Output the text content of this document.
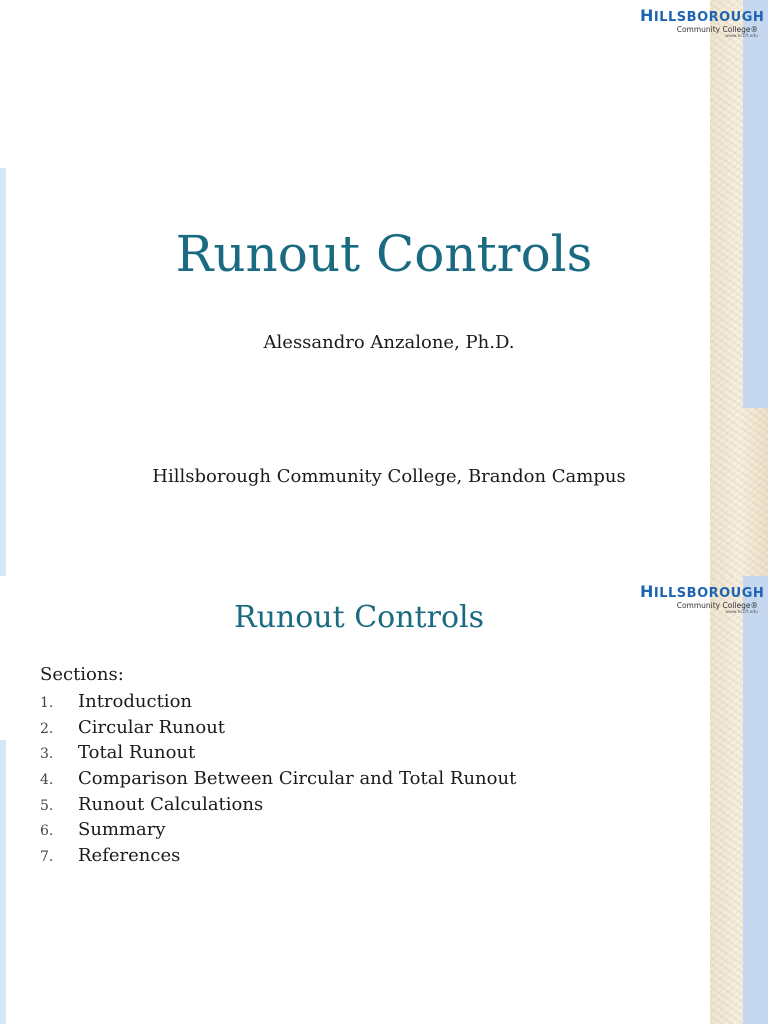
HILLSBOROUGH
Community College®
www.hccfl.edu
Runout Controls
Alessandro Anzalone, Ph.D.
Hillsborough Community College, Brandon Campus
HILLSBOROUGH
Community College®
www.hccfl.edu
Runout Controls
Sections:
1.	Introduction
2.	Circular Runout
3.	Total Runout
4.	Comparison Between Circular and Total Runout
5.	Runout Calculations
6.	Summary
7.	References
